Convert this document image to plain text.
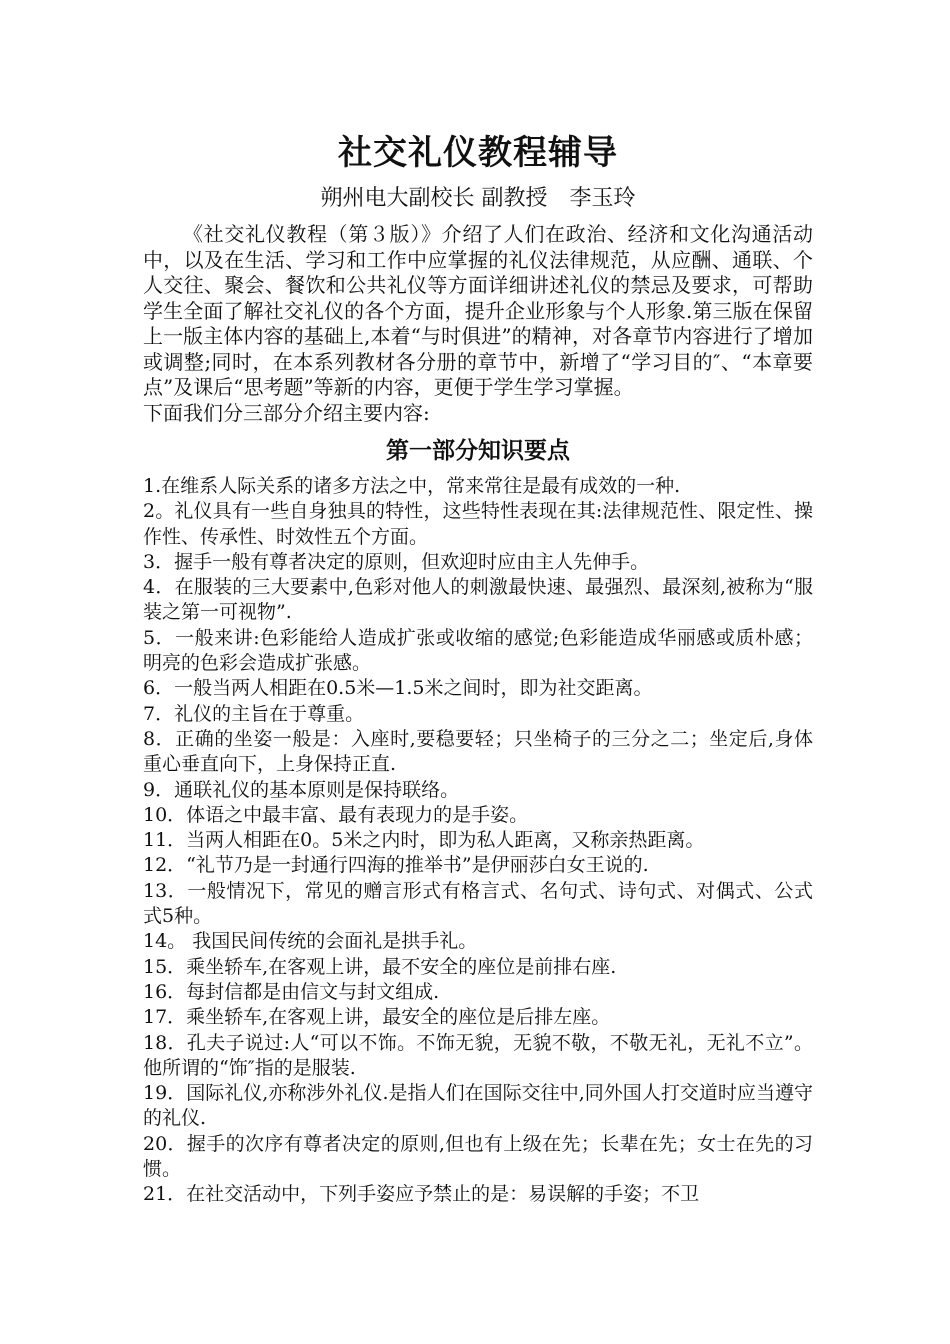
社交礼仪教程辅导
朔州电大副校长 副教授　李玉玲

《社交礼仪教程（第３版）》介绍了人们在政治、经济和文化沟通活动中，以及在生活、学习和工作中应掌握的礼仪法律规范，从应酬、通联、个人交往、聚会、餐饮和公共礼仪等方面详细讲述礼仪的禁忌及要求，可帮助学生全面了解社交礼仪的各个方面，提升企业形象与个人形象.第三版在保留上一版主体内容的基础上,本着“与时俱进”的精神，对各章节内容进行了增加或调整;同时，在本系列教材各分册的章节中，新增了“学习目的″、“本章要点”及课后“思考题”等新的内容，更便于学生学习掌握。

下面我们分三部分介绍主要内容:

第一部分知识要点
1.在维系人际关系的诸多方法之中，常来常往是最有成效的一种.
2。礼仪具有一些自身独具的特性，这些特性表现在其:法律规范性、限定性、操作性、传承性、时效性五个方面。
3．握手一般有尊者决定的原则，但欢迎时应由主人先伸手。
4．在服装的三大要素中,色彩对他人的刺激最快速、最强烈、最深刻,被称为“服装之第一可视物”.
5．一般来讲:色彩能给人造成扩张或收缩的感觉;色彩能造成华丽感或质朴感；明亮的色彩会造成扩张感。
6．一般当两人相距在0.5米—1.5米之间时，即为社交距离。
7．礼仪的主旨在于尊重。
8．正确的坐姿一般是：入座时,要稳要轻；只坐椅子的三分之二；坐定后,身体重心垂直向下，上身保持正直.
9．通联礼仪的基本原则是保持联络。
10．体语之中最丰富、最有表现力的是手姿。
11．当两人相距在0。5米之内时，即为私人距离，又称亲热距离。
12．“礼节乃是一封通行四海的推举书”是伊丽莎白女王说的.
13．一般情况下，常见的赠言形式有格言式、名句式、诗句式、对偶式、公式式5种。
14。 我国民间传统的会面礼是拱手礼。
15．乘坐轿车,在客观上讲，最不安全的座位是前排右座.
16．每封信都是由信文与封文组成.
17．乘坐轿车,在客观上讲，最安全的座位是后排左座。
18．孔夫子说过:人“可以不饰。不饰无貌，无貌不敬，不敬无礼，无礼不立”。他所谓的“饰″指的是服装.
19．国际礼仪,亦称涉外礼仪.是指人们在国际交往中,同外国人打交道时应当遵守的礼仪.
20．握手的次序有尊者决定的原则,但也有上级在先；长辈在先；女士在先的习惯。
21．在社交活动中，下列手姿应予禁止的是：易误解的手姿；不卫
